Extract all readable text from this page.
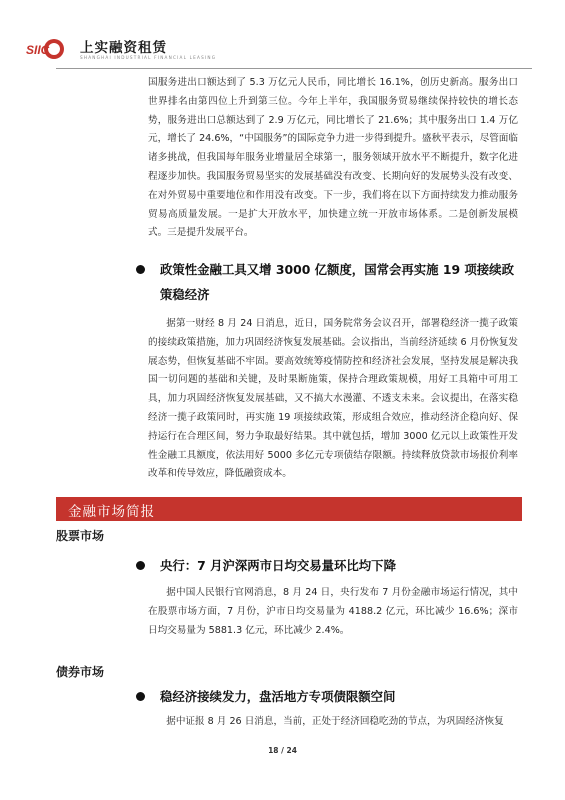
SIIC 上实融资租赁
SHANGHAI INDUSTRIAL FINANCIAL LEASING

国服务进出口额达到了 5.3 万亿元人民币，同比增长 16.1%，创历史新高。服务出口世界排名由第四位上升到第三位。今年上半年，我国服务贸易继续保持较快的增长态势，服务进出口总额达到了 2.9 万亿元，同比增长了 21.6%；其中服务出口 1.4 万亿元，增长了 24.6%，“中国服务”的国际竞争力进一步得到提升。盛秋平表示，尽管面临诸多挑战，但我国每年服务业增量居全球第一，服务领域开放水平不断提升，数字化进程逐步加快。我国服务贸易坚实的发展基础没有改变、长期向好的发展势头没有改变、在对外贸易中重要地位和作用没有改变。下一步，我们将在以下方面持续发力推动服务贸易高质量发展。一是扩大开放水平，加快建立统一开放市场体系。二是创新发展模式。三是提升发展平台。

政策性金融工具又增 3000 亿额度，国常会再实施 19 项接续政策稳经济

据第一财经 8 月 24 日消息，近日，国务院常务会议召开，部署稳经济一揽子政策的接续政策措施，加力巩固经济恢复发展基础。会议指出，当前经济延续 6 月份恢复发展态势，但恢复基础不牢固。要高效统筹疫情防控和经济社会发展，坚持发展是解决我国一切问题的基础和关键，及时果断施策，保持合理政策规模，用好工具箱中可用工具，加力巩固经济恢复发展基础，又不搞大水漫灌、不透支未来。会议提出，在落实稳经济一揽子政策同时，再实施 19 项接续政策，形成组合效应，推动经济企稳向好、保持运行在合理区间，努力争取最好结果。其中就包括，增加 3000 亿元以上政策性开发性金融工具额度，依法用好 5000 多亿元专项债结存限额。持续释放贷款市场报价利率改革和传导效应，降低融资成本。

金融市场简报
股票市场
央行：7 月沪深两市日均交易量环比均下降

据中国人民银行官网消息，8 月 24 日，央行发布 7 月份金融市场运行情况，其中在股票市场方面，7 月份，沪市日均交易量为 4188.2 亿元，环比减少 16.6%；深市日均交易量为 5881.3 亿元，环比减少 2.4%。

债券市场
稳经济接续发力，盘活地方专项债限额空间

据中证报 8 月 26 日消息，当前，正处于经济回稳吃劲的节点，为巩固经济恢复

18 / 24
